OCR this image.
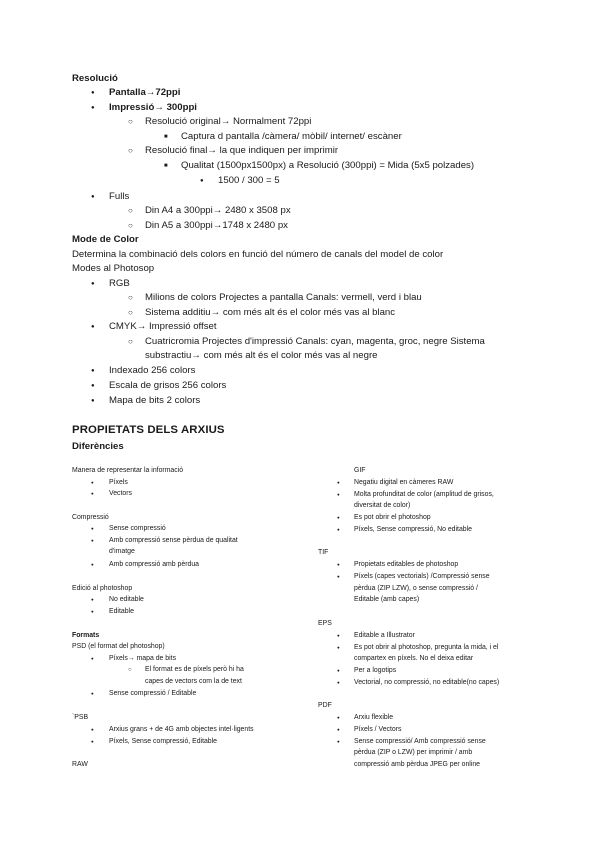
Resolució
●
Pantalla→72ppi
●
Impressió→ 300ppi
○
Resolució original→ Normalment 72ppi
■
Captura d pantalla /càmera/ mòbil/ internet/ escàner
○
Resolució final→ la que indiquen per imprimir
■
Qualitat (1500px1500px) a Resolució (300ppi) = Mida (5x5 polzades)
●
1500 / 300 = 5
●
Fulls
○
Din A4 a 300ppi→ 2480 x 3508 px
○
Din A5 a 300ppi→1748 x 2480 px
Mode de Color
Determina la combinació dels colors en funció del número de canals del model de color
Modes al Photosop
●
RGB
○
Milions de colors Projectes a pantalla Canals: vermell, verd i blau
○
Sistema additiu→ com més alt és el color més vas al blanc
●
CMYK→ Impressió offset
○
Cuatricromia Projectes d'impressió Canals: cyan, magenta, groc, negre Sistema
substractiu→ com més alt és el color més vas al negre
●
Indexado 256 colors
●
Escala de grisos 256 colors
●
Mapa de bits 2 colors
PROPIETATS DELS ARXIUS
Diferències
Manera de representar la informació
●
Píxels
●
Vectors
Compressió
●
Sense compressió
●
Amb compressió sense pèrdua de qualitat
d'imatge
●
Amb compressió amb pèrdua
Edició al photoshop
●
No editable
●
Editable
Formats
PSD (el format del photoshop)
●
Píxels→ mapa de bits
○
El format es de píxels però hi ha
capes de vectors com la de text
●
Sense compressió / Editable
`PSB
●
Arxius grans + de 4G amb objectes intel·ligents
●
Píxels, Sense compressió, Editable
RAW
GIF
●
Negatiu digital en càmeres RAW
●
Molta profunditat de color (amplitud de grisos,
diversitat de color)
●
Es pot obrir el photoshop
●
Píxels, Sense compressió, No editable
TIF
●
Propietats editables de photoshop
●
Píxels (capes vectorials) /Compressió sense
pèrdua (ZIP LZW), o sense compressió /
Editable (amb capes)
EPS
●
Editable a Illustrator
●
Es pot obrir al photoshop, pregunta la mida, i el
compartex en píxels. No el deixa editar
●
Per a logotips
●
Vectorial, no compressió, no editable(no capes)
PDF
●
Arxiu flexible
●
Píxels / Vectors
●
Sense compressió/ Amb compressió sense
pèrdua (ZIP o LZW) per imprimir / amb
compressió amb pèrdua JPEG per online
